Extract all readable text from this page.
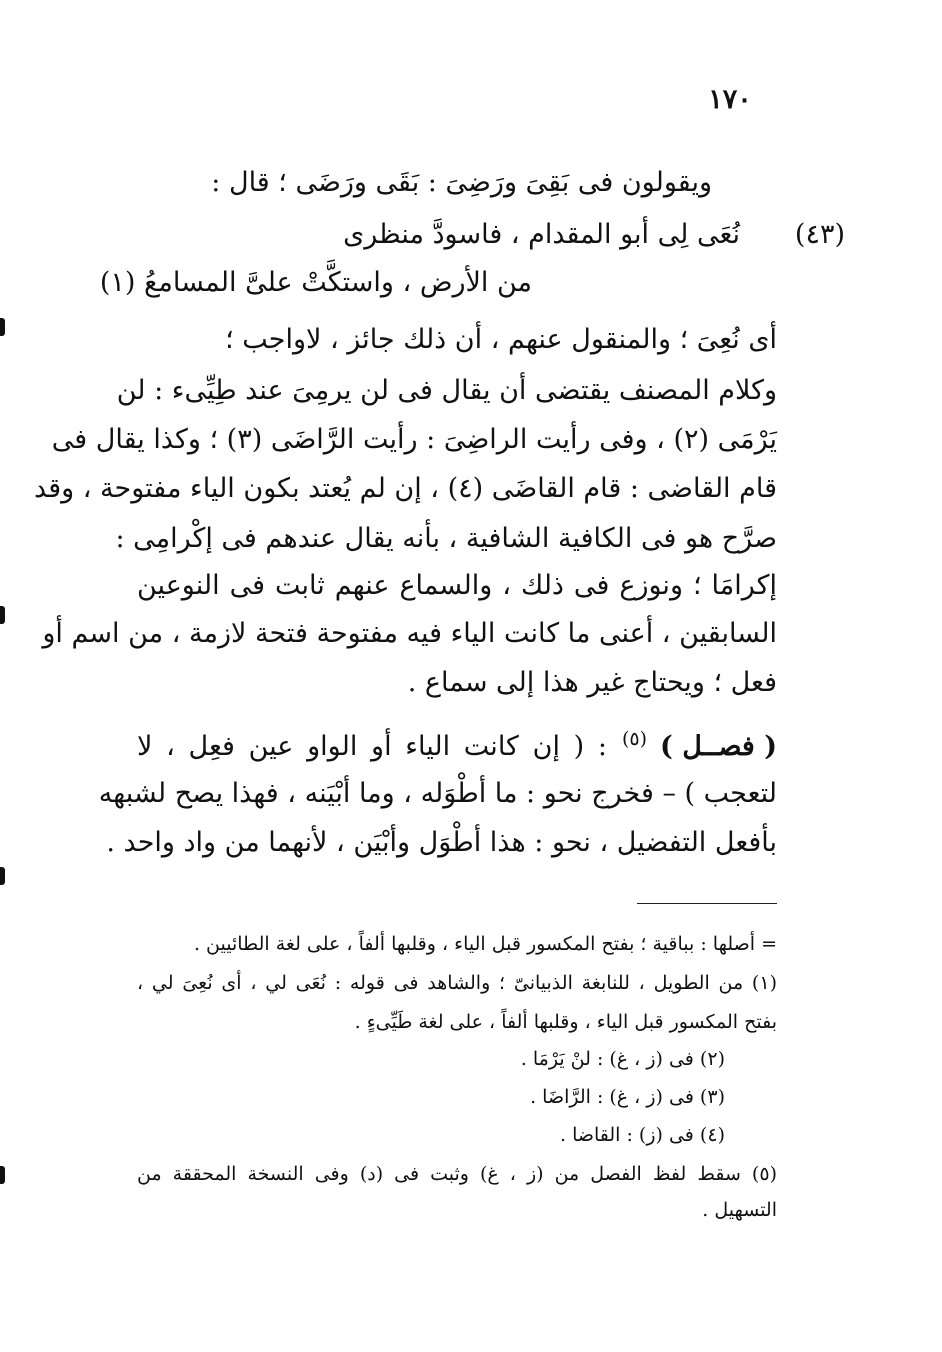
١٧٠
ويقولون فى بَقِىَ ورَضِىَ : بَقَى ورَضَى ؛ قال :
(٤٣)
نُعَى لِى أبو المقدام ، فاسودَّ منظرى
من الأرض ، واستكَّتْ علىَّ المسامعُ (١)
أى نُعِىَ ؛ والمنقول عنهم ، أن ذلك جائز ، لاواجب ؛
وكلام المصنف يقتضى أن يقال فى لن يرمِىَ عند طِيِّىء : لن
يَرْمَى (٢) ، وفى رأيت الراضِىَ : رأيت الرَّاضَى (٣) ؛ وكذا يقال فى
قام القاضى : قام القاضَى (٤) ، إن لم يُعتد بكون الياء مفتوحة ، وقد
صرَّح هو فى الكافية الشافية ، بأنه يقال عندهم فى إكْرامِى :
إكرامَا ؛ ونوزع فى ذلك ، والسماع عنهم ثابت فى النوعين
السابقين ، أعنى ما كانت الياء فيه مفتوحة فتحة لازمة ، من اسم أو
فعل ؛ ويحتاج غير هذا إلى سماع .
( فصــل )
(٥)
: ( إن كانت الياء أو الواو عين فعِل ، لا
لتعجب ) – فخرج نحو : ما أطْوَله ، وما أبْيَنه ، فهذا يصح لشبهه
بأفعل التفضيل ، نحو : هذا أطْوَل وأبْيَن ، لأنهما من واد واحد .
= أصلها : بباقية ؛ بفتح المكسور قبل الياء ، وقلبها ألفاً ، على لغة الطائيين .
(١) من الطويل ، للنابغة الذبيانىّ ؛ والشاهد فى قوله : نُعَى لي ، أى نُعِىَ لي ،
بفتح المكسور قبل الياء ، وقلبها ألفاً ، على لغة طَيِّىءٍ .
(٢) فى (ز ، غ) : لنْ يَرْمَا .
(٣) فى (ز ، غ) : الرَّاضَا .
(٤) فى (ز) : القاضا .
(٥) سقط لفظ الفصل من (ز ، غ) وثبت فى (د) وفى النسخة المحققة من
التسهيل .
